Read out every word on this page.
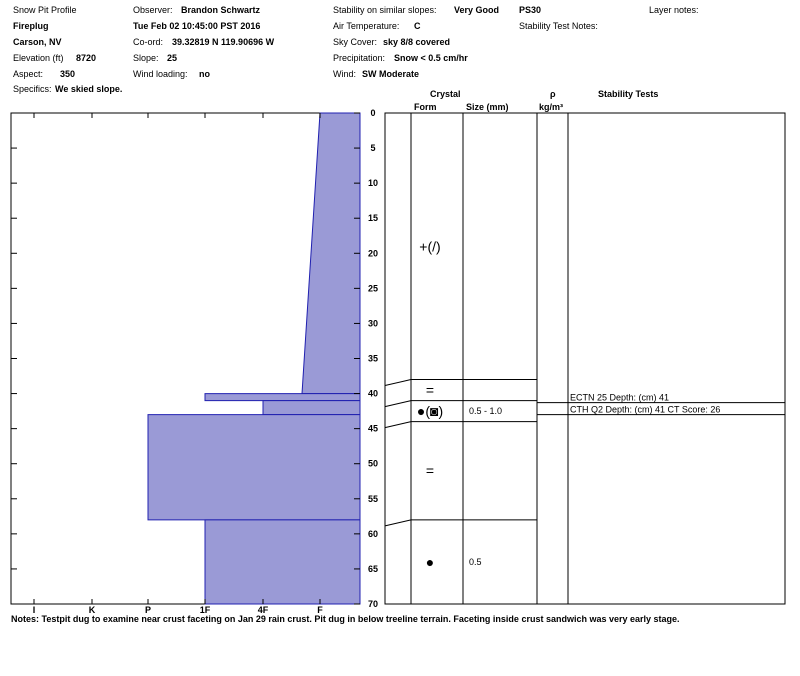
Snow Pit Profile
Fireplug
Carson, NV
Elevation (ft) 8720
Aspect: 350
Specifics: We skied slope.
Observer: Brandon Schwartz
Tue Feb 02 10:45:00 PST 2016
Co-ord: 39.32819 N 119.90696 W
Slope: 25
Wind loading: no
Stability on similar slopes: Very Good
Air Temperature: C
Sky Cover: sky 8/8 covered
Precipitation: Snow < 0.5 cm/hr
Wind: SW Moderate
PS30
Stability Test Notes:
Layer notes:
Crystal
Form	Size (mm)
ρ
kg/m³
Stability Tests
0
5
10
15
20
25
30
35
40
45
50
55
60
65
70
I	K	P	1F	4F	F
+(/)
=
●(◙)	0.5 - 1.0
=
●	0.5
ECTN 25 Depth: (cm) 41
CTH Q2 Depth: (cm) 41 CT Score: 26
Notes: Testpit dug to examine near crust faceting on Jan 29 rain crust. Pit dug in below treeline terrain. Faceting inside crust sandwich was very early stage.
